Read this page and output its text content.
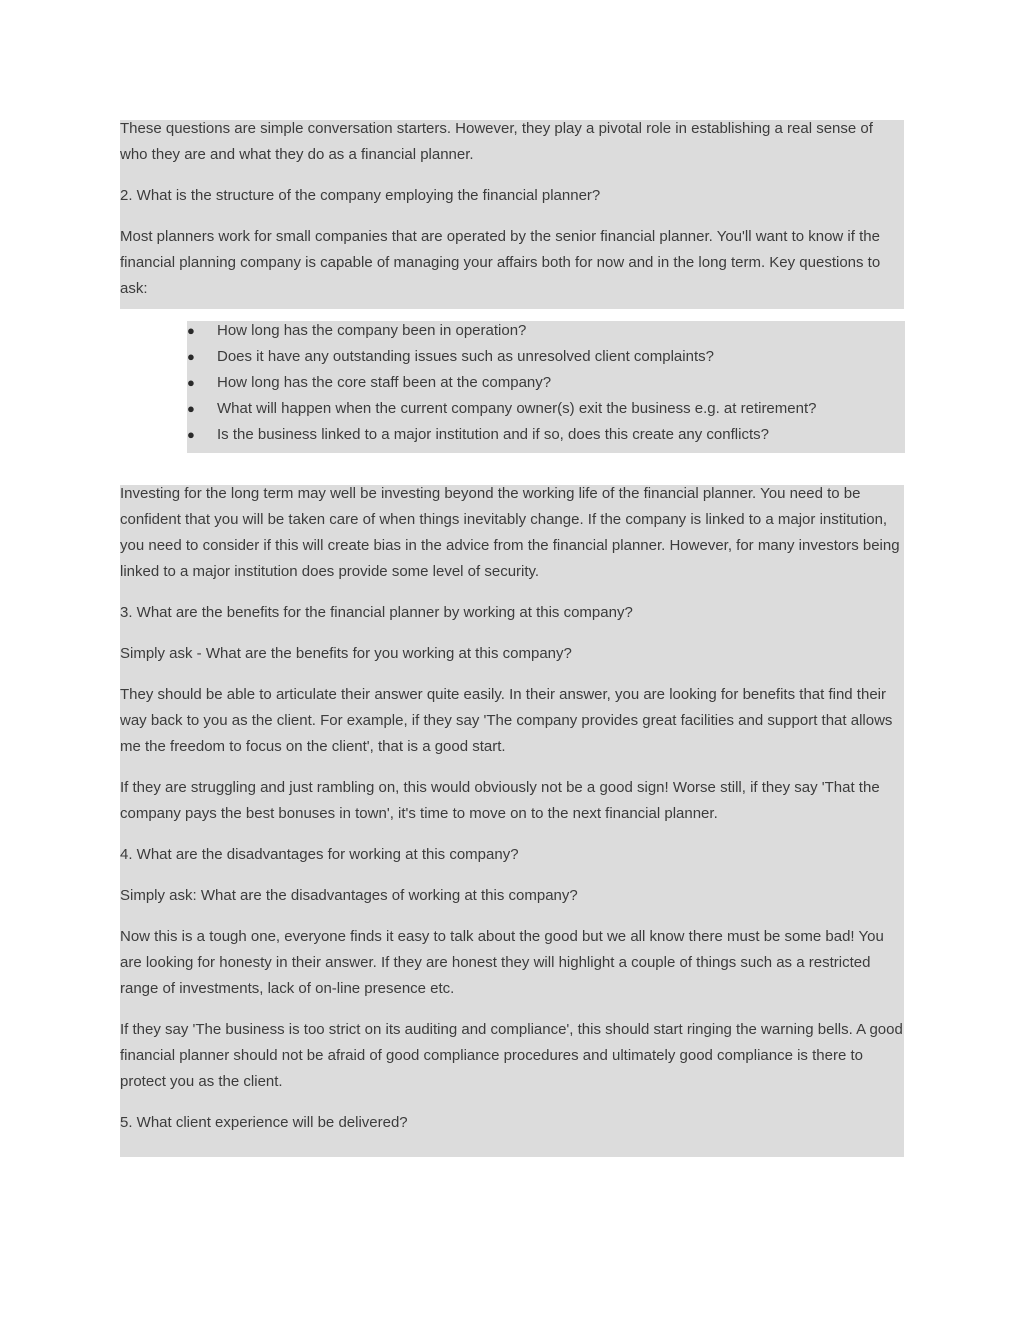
These questions are simple conversation starters. However, they play a pivotal role in establishing a real sense of who they are and what they do as a financial planner.

2. What is the structure of the company employing the financial planner?

Most planners work for small companies that are operated by the senior financial planner. You'll want to know if the financial planning company is capable of managing your affairs both for now and in the long term. Key questions to ask:

● How long has the company been in operation?
● Does it have any outstanding issues such as unresolved client complaints?
● How long has the core staff been at the company?
● What will happen when the current company owner(s) exit the business e.g. at retirement?
● Is the business linked to a major institution and if so, does this create any conflicts?

Investing for the long term may well be investing beyond the working life of the financial planner. You need to be confident that you will be taken care of when things inevitably change. If the company is linked to a major institution, you need to consider if this will create bias in the advice from the financial planner. However, for many investors being linked to a major institution does provide some level of security.

3. What are the benefits for the financial planner by working at this company?

Simply ask - What are the benefits for you working at this company?

They should be able to articulate their answer quite easily. In their answer, you are looking for benefits that find their way back to you as the client. For example, if they say 'The company provides great facilities and support that allows me the freedom to focus on the client', that is a good start.

If they are struggling and just rambling on, this would obviously not be a good sign! Worse still, if they say 'That the company pays the best bonuses in town', it's time to move on to the next financial planner.

4. What are the disadvantages for working at this company?

Simply ask: What are the disadvantages of working at this company?

Now this is a tough one, everyone finds it easy to talk about the good but we all know there must be some bad! You are looking for honesty in their answer. If they are honest they will highlight a couple of things such as a restricted range of investments, lack of on-line presence etc.

If they say 'The business is too strict on its auditing and compliance', this should start ringing the warning bells. A good financial planner should not be afraid of good compliance procedures and ultimately good compliance is there to protect you as the client.

5. What client experience will be delivered?
